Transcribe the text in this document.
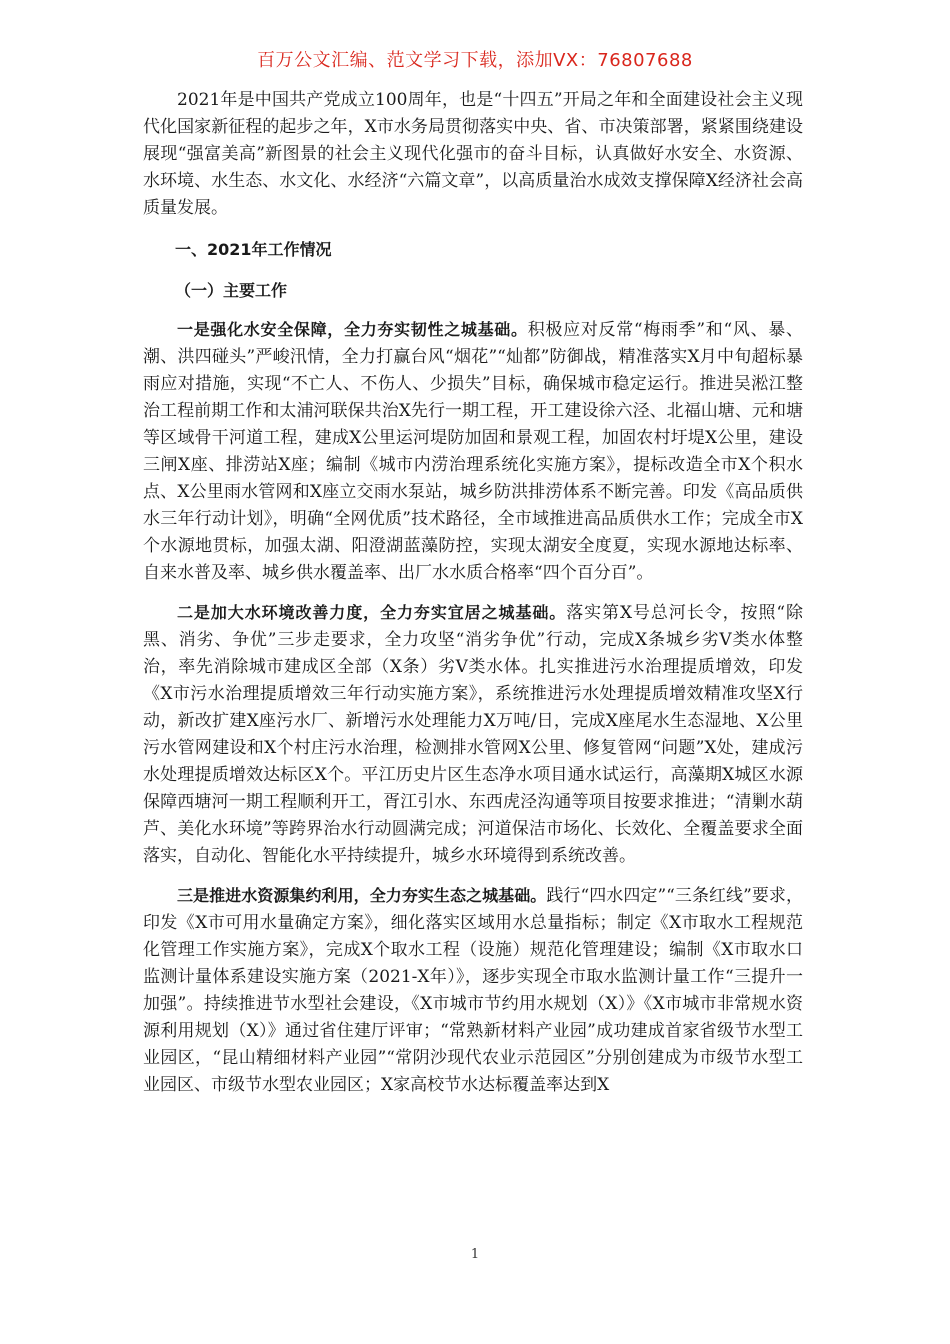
百万公文汇编、范文学习下载，添加VX：76807688

2021年是中国共产党成立100周年，也是“十四五”开局之年和全面建设社会主义现代化国家新征程的起步之年，X市水务局贯彻落实中央、省、市决策部署，紧紧围绕建设展现“强富美高”新图景的社会主义现代化强市的奋斗目标，认真做好水安全、水资源、水环境、水生态、水文化、水经济“六篇文章”，以高质量治水成效支撑保障X经济社会高质量发展。

一、2021年工作情况
（一）主要工作

一是强化水安全保障，全力夯实韧性之城基础。积极应对反常“梅雨季”和“风、暴、潮、洪四碰头”严峻汛情，全力打赢台风“烟花”“灿都”防御战，精准落实X月中旬超标暴雨应对措施，实现“不亡人、不伤人、少损失”目标，确保城市稳定运行。推进吴淞江整治工程前期工作和太浦河联保共治X先行一期工程，开工建设徐六泾、北福山塘、元和塘等区域骨干河道工程，建成X公里运河堤防加固和景观工程，加固农村圩堤X公里，建设三闸X座、排涝站X座；编制《城市内涝治理系统化实施方案》，提标改造全市X个积水点、X公里雨水管网和X座立交雨水泵站，城乡防洪排涝体系不断完善。印发《高品质供水三年行动计划》，明确“全网优质”技术路径，全市域推进高品质供水工作；完成全市X个水源地贯标，加强太湖、阳澄湖蓝藻防控，实现太湖安全度夏，实现水源地达标率、自来水普及率、城乡供水覆盖率、出厂水水质合格率“四个百分百”。

二是加大水环境改善力度，全力夯实宜居之城基础。落实第X号总河长令，按照“除黑、消劣、争优”三步走要求，全力攻坚“消劣争优”行动，完成X条城乡劣Ⅴ类水体整治，率先消除城市建成区全部（X条）劣Ⅴ类水体。扎实推进污水治理提质增效，印发《X市污水治理提质增效三年行动实施方案》，系统推进污水处理提质增效精准攻坚X行动，新改扩建X座污水厂、新增污水处理能力X万吨/日，完成X座尾水生态湿地、X公里污水管网建设和X个村庄污水治理，检测排水管网X公里、修复管网“问题”X处，建成污水处理提质增效达标区X个。平江历史片区生态净水项目通水试运行，高藻期X城区水源保障西塘河一期工程顺利开工，胥江引水、东西虎泾沟通等项目按要求推进；“清剿水葫芦、美化水环境”等跨界治水行动圆满完成；河道保洁市场化、长效化、全覆盖要求全面落实，自动化、智能化水平持续提升，城乡水环境得到系统改善。

三是推进水资源集约利用，全力夯实生态之城基础。践行“四水四定”“三条红线”要求，印发《X市可用水量确定方案》，细化落实区域用水总量指标；制定《X市取水工程规范化管理工作实施方案》，完成X个取水工程（设施）规范化管理建设；编制《X市取水口监测计量体系建设实施方案（2021-X年）》，逐步实现全市取水监测计量工作“三提升一加强”。持续推进节水型社会建设，《X市城市节约用水规划（X）》《X市城市非常规水资源利用规划（X）》通过省住建厅评审；“常熟新材料产业园”成功建成首家省级节水型工业园区，“昆山精细材料产业园”“常阴沙现代农业示范园区”分别创建成为市级节水型工业园区、市级节水型农业园区；X家高校节水达标覆盖率达到X

1
